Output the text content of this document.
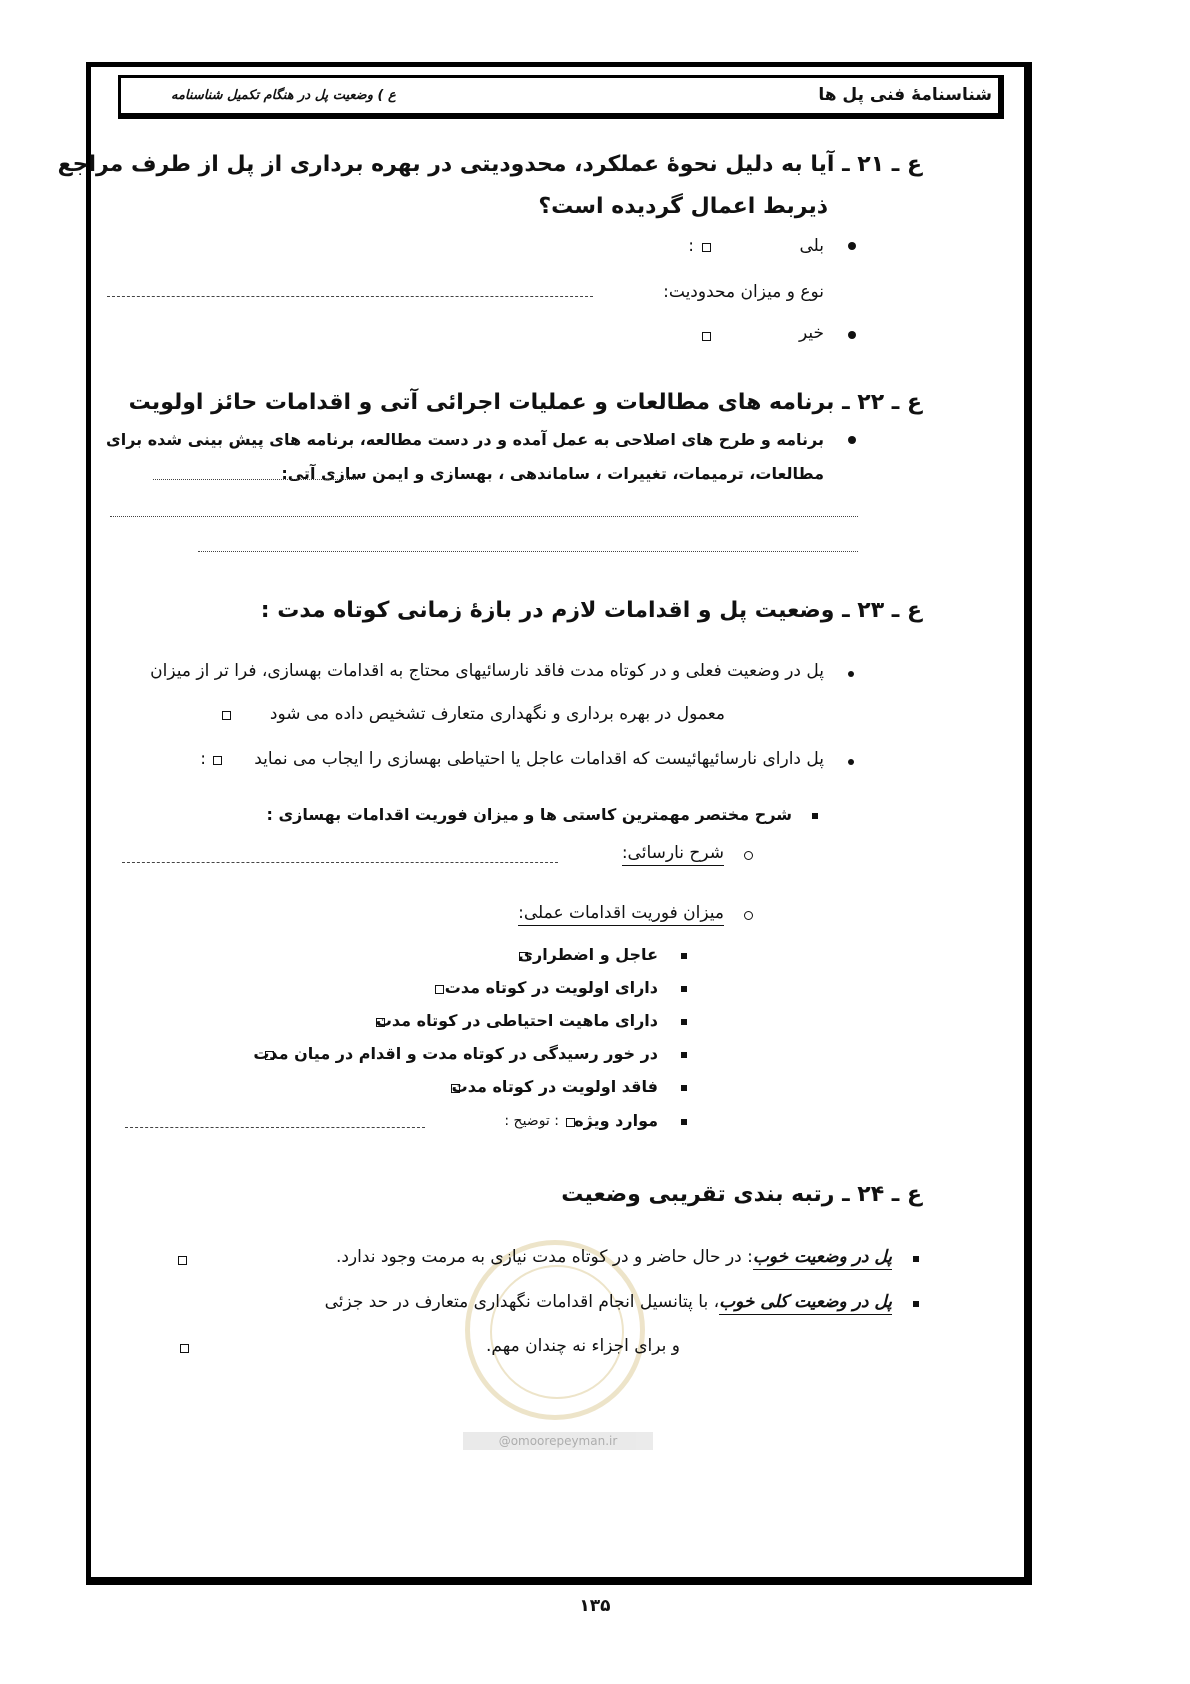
شناسنامۀ فنی پل ها
ع ) وضعیت پل در هنگام تکمیل شناسنامه
ع ـ ۲۱ ـ آیا به دلیل نحوۀ عملکرد، محدودیتی در بهره برداری از پل از طرف مراجع
ذیربط اعمال گردیده است؟
بلی
:
نوع و میزان محدودیت:
خیر
ع ـ ۲۲ ـ برنامه های مطالعات و عملیات اجرائی آتی و اقدامات حائز اولویت
برنامه و طرح های اصلاحی به عمل آمده و در دست مطالعه، برنامه های پیش بینی شده برای
مطالعات، ترمیمات، تغییرات ، ساماندهی ، بهسازی و ایمن سازی آتی:
ع ـ ۲۳ ـ وضعیت پل و اقدامات لازم در بازۀ زمانی کوتاه مدت :
پل در وضعیت فعلی و در کوتاه مدت فاقد نارسائیهای محتاج به اقدامات بهسازی، فرا تر از میزان
معمول در بهره برداری و نگهداری متعارف تشخیص داده می شود
پل دارای نارسائیهائیست که اقدامات عاجل یا احتیاطی بهسازی را ایجاب می نماید
:
شرح مختصر مهمترین کاستی ها و میزان فوریت اقدامات بهسازی :
شرح نارسائی:
میزان فوریت اقدامات عملی:
عاجل و اضطراری
دارای اولویت در کوتاه مدت
دارای ماهیت احتیاطی در کوتاه مدت
در خور رسیدگی در کوتاه مدت و اقدام در میان مدت
فاقد اولویت در کوتاه مدت
موارد ویژه
: توضیح :
ع ـ ۲۴ ـ رتبه بندی تقریبی وضعیت
پل در وضعیت خوب: در حال حاضر و در کوتاه مدت نیازی به مرمت وجود ندارد.
پل در وضعیت کلی خوب، با پتانسیل انجام اقدامات نگهداری متعارف در حد جزئی
و برای اجزاء نه چندان مهم.
@omoorepeyman.ir
۱۳۵
